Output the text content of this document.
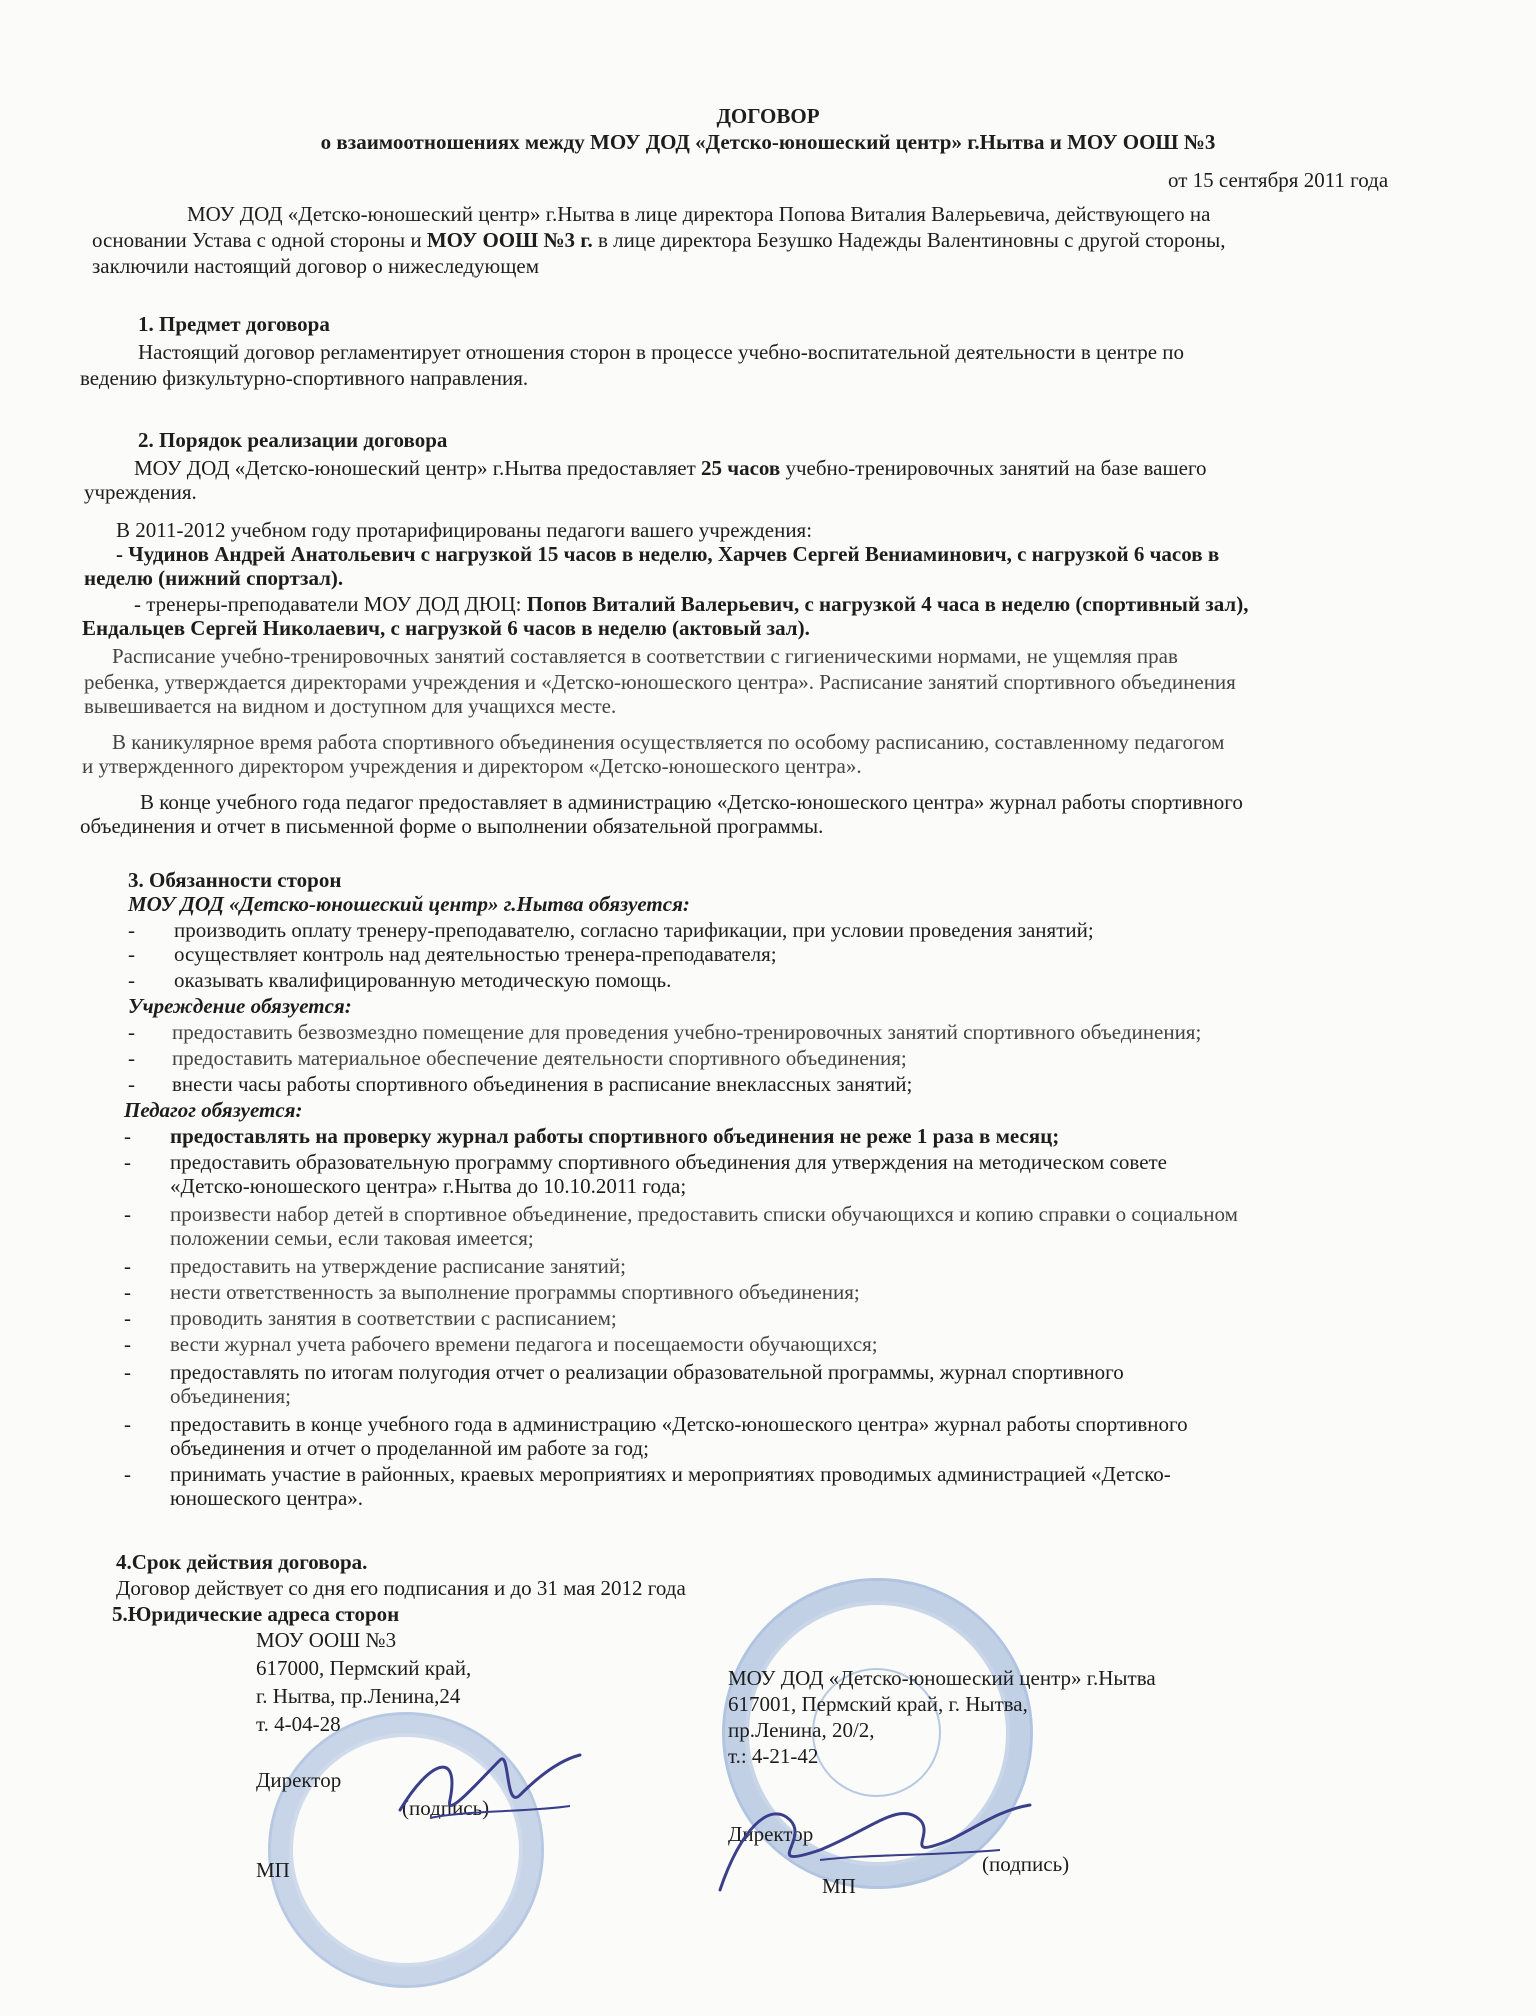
ДОГОВОР
о взаимоотношениях между МОУ ДОД «Детско-юношеский центр» г.Нытва и МОУ ООШ №3
от 15 сентября 2011 года
МОУ ДОД «Детско-юношеский центр» г.Нытва в лице директора Попова Виталия Валерьевича, действующего на
основании Устава с одной стороны и МОУ ООШ №3 г. в лице директора Безушко Надежды Валентиновны с другой стороны,
заключили настоящий договор о нижеследующем
1. Предмет договора
Настоящий договор регламентирует отношения сторон в процессе учебно-воспитательной деятельности в центре по
ведению физкультурно-спортивного направления.
2. Порядок реализации договора
МОУ ДОД «Детско-юношеский центр» г.Нытва предоставляет 25 часов учебно-тренировочных занятий на базе вашего
учреждения.
В 2011-2012 учебном году протарифицированы педагоги вашего учреждения:
- Чудинов Андрей Анатольевич с нагрузкой 15 часов в неделю, Харчев Сергей Вениаминович, с нагрузкой 6 часов в
неделю (нижний спортзал).
- тренеры-преподаватели МОУ ДОД ДЮЦ: Попов Виталий Валерьевич, с нагрузкой 4 часа в неделю (спортивный зал),
Ендальцев Сергей Николаевич, с нагрузкой 6 часов в неделю (актовый зал).
Расписание учебно-тренировочных занятий составляется в соответствии с гигиеническими нормами, не ущемляя прав
ребенка, утверждается директорами учреждения и «Детско-юношеского центра». Расписание занятий спортивного объединения
вывешивается на видном и доступном для учащихся месте.
В каникулярное время работа спортивного объединения осуществляется по особому расписанию, составленному педагогом
и утвержденного директором учреждения и директором «Детско-юношеского центра».
В конце учебного года педагог предоставляет в администрацию «Детско-юношеского центра» журнал работы спортивного
объединения и отчет в письменной форме о выполнении обязательной программы.
3. Обязанности сторон
МОУ ДОД «Детско-юношеский центр» г.Нытва обязуется:
- производить оплату тренеру-преподавателю, согласно тарификации, при условии проведения занятий;
- осуществляет контроль над деятельностью тренера-преподавателя;
- оказывать квалифицированную методическую помощь.
Учреждение обязуется:
- предоставить безвозмездно помещение для проведения учебно-тренировочных занятий спортивного объединения;
- предоставить материальное обеспечение деятельности спортивного объединения;
- внести часы работы спортивного объединения в расписание внеклассных занятий;
Педагог обязуется:
- предоставлять на проверку журнал работы спортивного объединения не реже 1 раза в месяц;
- предоставить образовательную программу спортивного объединения для утверждения на методическом совете
«Детско-юношеского центра» г.Нытва до 10.10.2011 года;
- произвести набор детей в спортивное объединение, предоставить списки обучающихся и копию справки о социальном
положении семьи, если таковая имеется;
- предоставить на утверждение расписание занятий;
- нести ответственность за выполнение программы спортивного объединения;
- проводить занятия в соответствии с расписанием;
- вести журнал учета рабочего времени педагога и посещаемости обучающихся;
- предоставлять по итогам полугодия отчет о реализации образовательной программы, журнал спортивного
объединения;
- предоставить в конце учебного года в администрацию «Детско-юношеского центра» журнал работы спортивного
объединения и отчет о проделанной им работе за год;
- принимать участие в районных, краевых мероприятиях и мероприятиях проводимых администрацией «Детско-
юношеского центра».
4.Срок действия договора.
Договор действует со дня его подписания и до 31 мая 2012 года
5.Юридические адреса сторон
МОУ ООШ №3
617000, Пермский край,
г. Нытва, пр.Ленина,24
т. 4-04-28
Директор
(подпись)
МП
МОУ ДОД «Детско-юношеский центр» г.Нытва
617001, Пермский край, г. Нытва,
пр.Ленина, 20/2,
т.: 4-21-42
Директор
(подпись)
МП
